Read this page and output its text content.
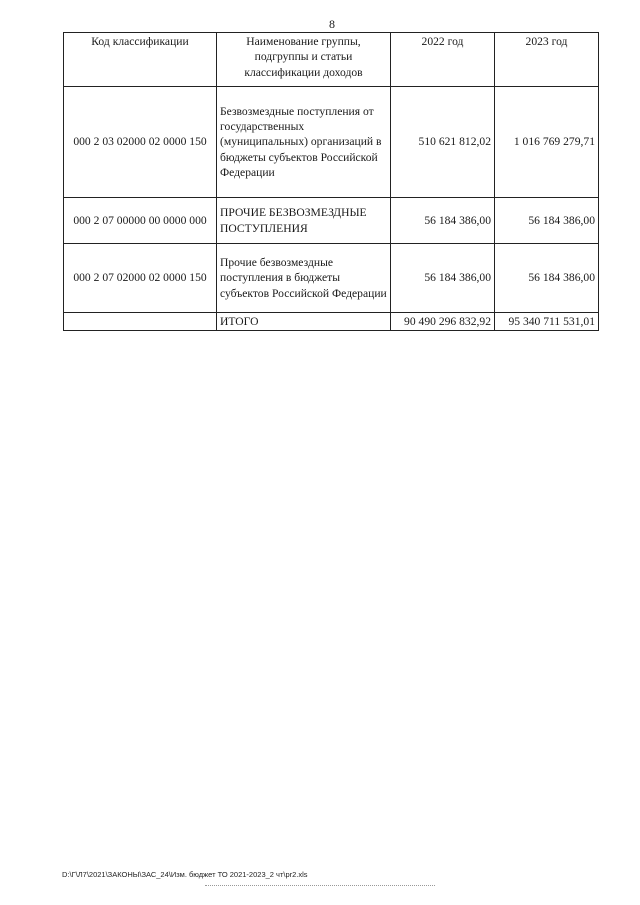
8
Код классификации	Наименование группы, подгруппы и статьи классификации доходов	2022 год	2023 год
000 2 03 02000 02 0000 150	Безвозмездные поступления от государственных (муниципальных) организаций в бюджеты субъектов Российской Федерации	510 621 812,02	1 016 769 279,71
000 2 07 00000 00 0000 000	ПРОЧИЕ БЕЗВОЗМЕЗДНЫЕ ПОСТУПЛЕНИЯ	56 184 386,00	56 184 386,00
000 2 07 02000 02 0000 150	Прочие безвозмездные поступления в бюджеты субъектов Российской Федерации	56 184 386,00	56 184 386,00
	ИТОГО	90 490 296 832,92	95 340 711 531,01
D:\Г\Л7\2021\ЗАКОНЫ\ЗАС_24\Изм. бюджет ТО 2021-2023_2 чт\pr2.xls
